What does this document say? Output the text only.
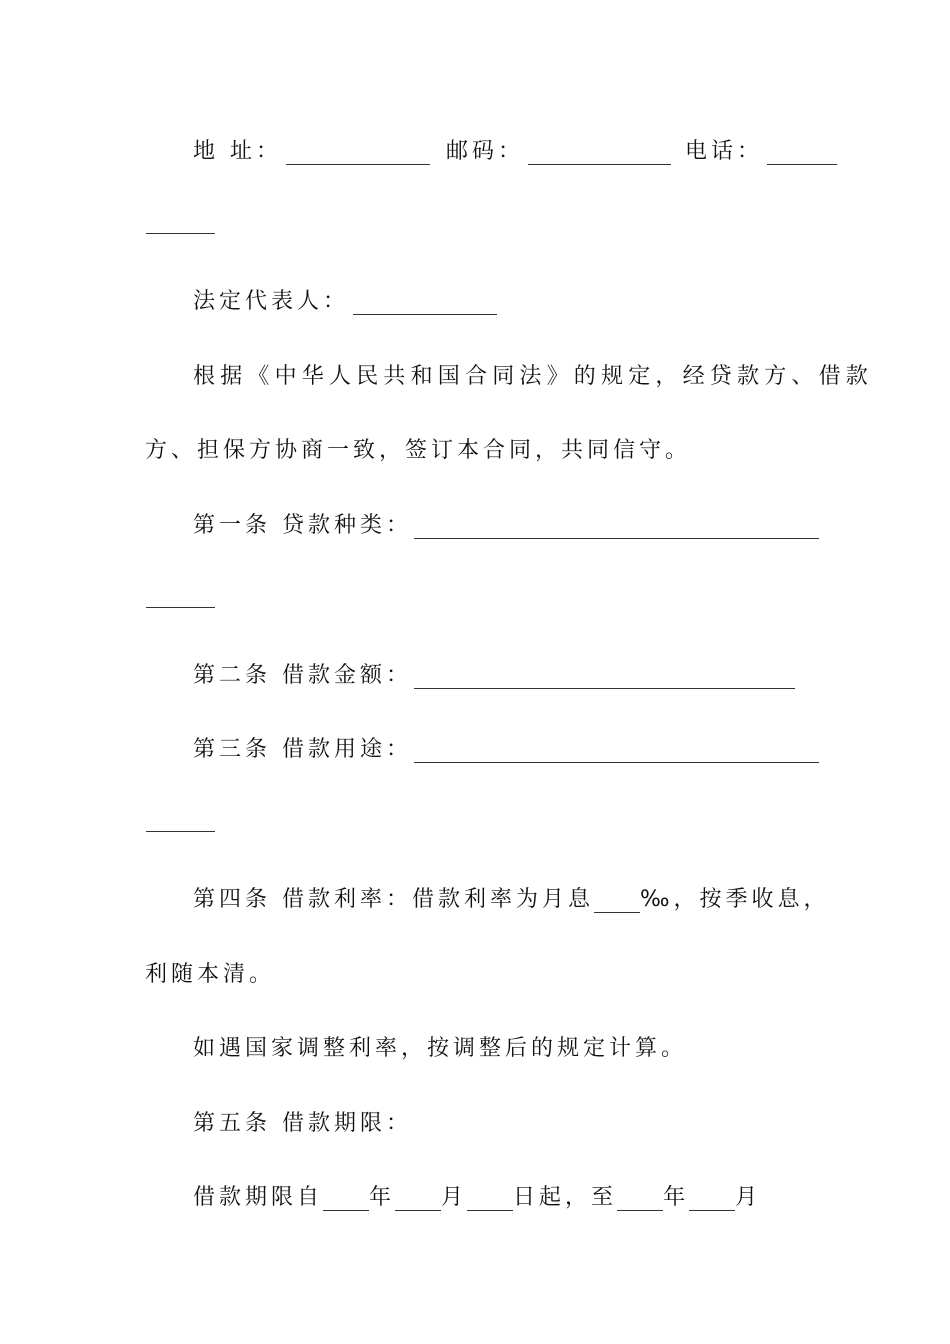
地 址：	邮码：	电话：
法定代表人：
根据《中华人民共和国合同法》的规定，经贷款方、借款
方、担保方协商一致，签订本合同，共同信守。
第一条 贷款种类：
第二条 借款金额：
第三条 借款用途：
第四条 借款利率：借款利率为月息‰，按季收息，
利随本清。
如遇国家调整利率，按调整后的规定计算。
第五条 借款期限：
借款期限自年月日起，至年月
